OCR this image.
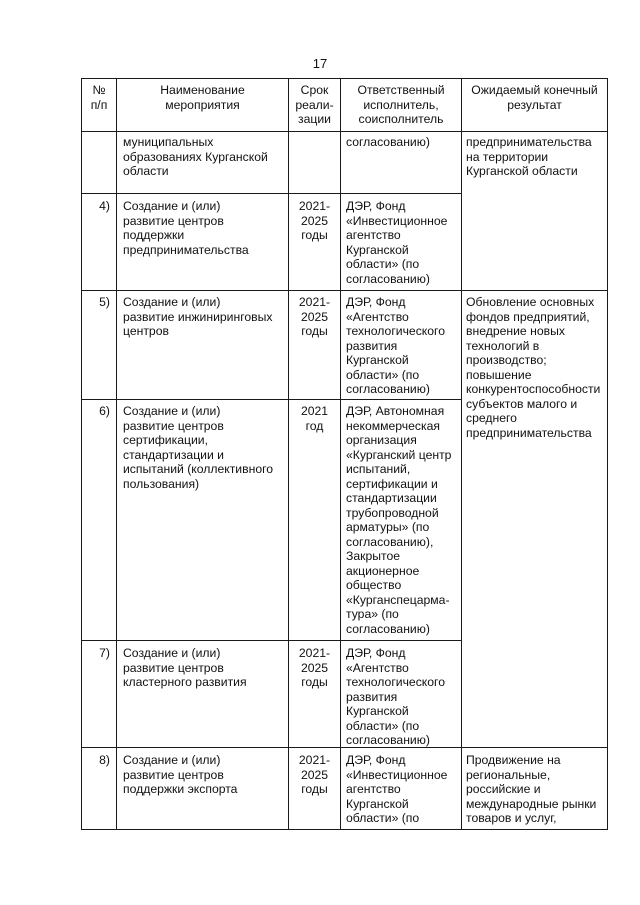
17
№
п/п
Наименование
мероприятия
Срок
реали-
зации
Ответственный
исполнитель,
соисполнитель
Ожидаемый конечный
результат
муниципальных
образованиях Курганской
области
согласованию)	предпринимательства
на территории
Курганской области
4) Создание и (или)
развитие центров
поддержки
предпринимательства
2021-
2025
годы
ДЭР, Фонд
«Инвестиционное
агентство
Курганской
области» (по
согласованию)
5) Создание и (или)
развитие инжиниринговых
центров
2021-
2025
годы
ДЭР, Фонд
«Агентство
технологического
развития
Курганской
области» (по
согласованию)
Обновление основных
фондов предприятий,
внедрение новых
технологий в
производство;
повышение
конкурентоспособности
субъектов малого и
среднего
предпринимательства
6) Создание и (или)
развитие центров
сертификации,
стандартизации и
испытаний (коллективного
пользования)
2021
год
ДЭР, Автономная
некоммерческая
организация
«Курганский центр
испытаний,
сертификации и
стандартизации
трубопроводной
арматуры» (по
согласованию),
Закрытое
акционерное
общество
«Курганспецарма-
тура» (по
согласованию)
7) Создание и (или)
развитие центров
кластерного развития
2021-
2025
годы
ДЭР, Фонд
«Агентство
технологического
развития
Курганской
области» (по
согласованию)
8) Создание и (или)
развитие центров
поддержки экспорта
2021-
2025
годы
ДЭР, Фонд
«Инвестиционное
агентство
Курганской
области» (по
Продвижение на
региональные,
российские и
международные рынки
товаров и услуг,
